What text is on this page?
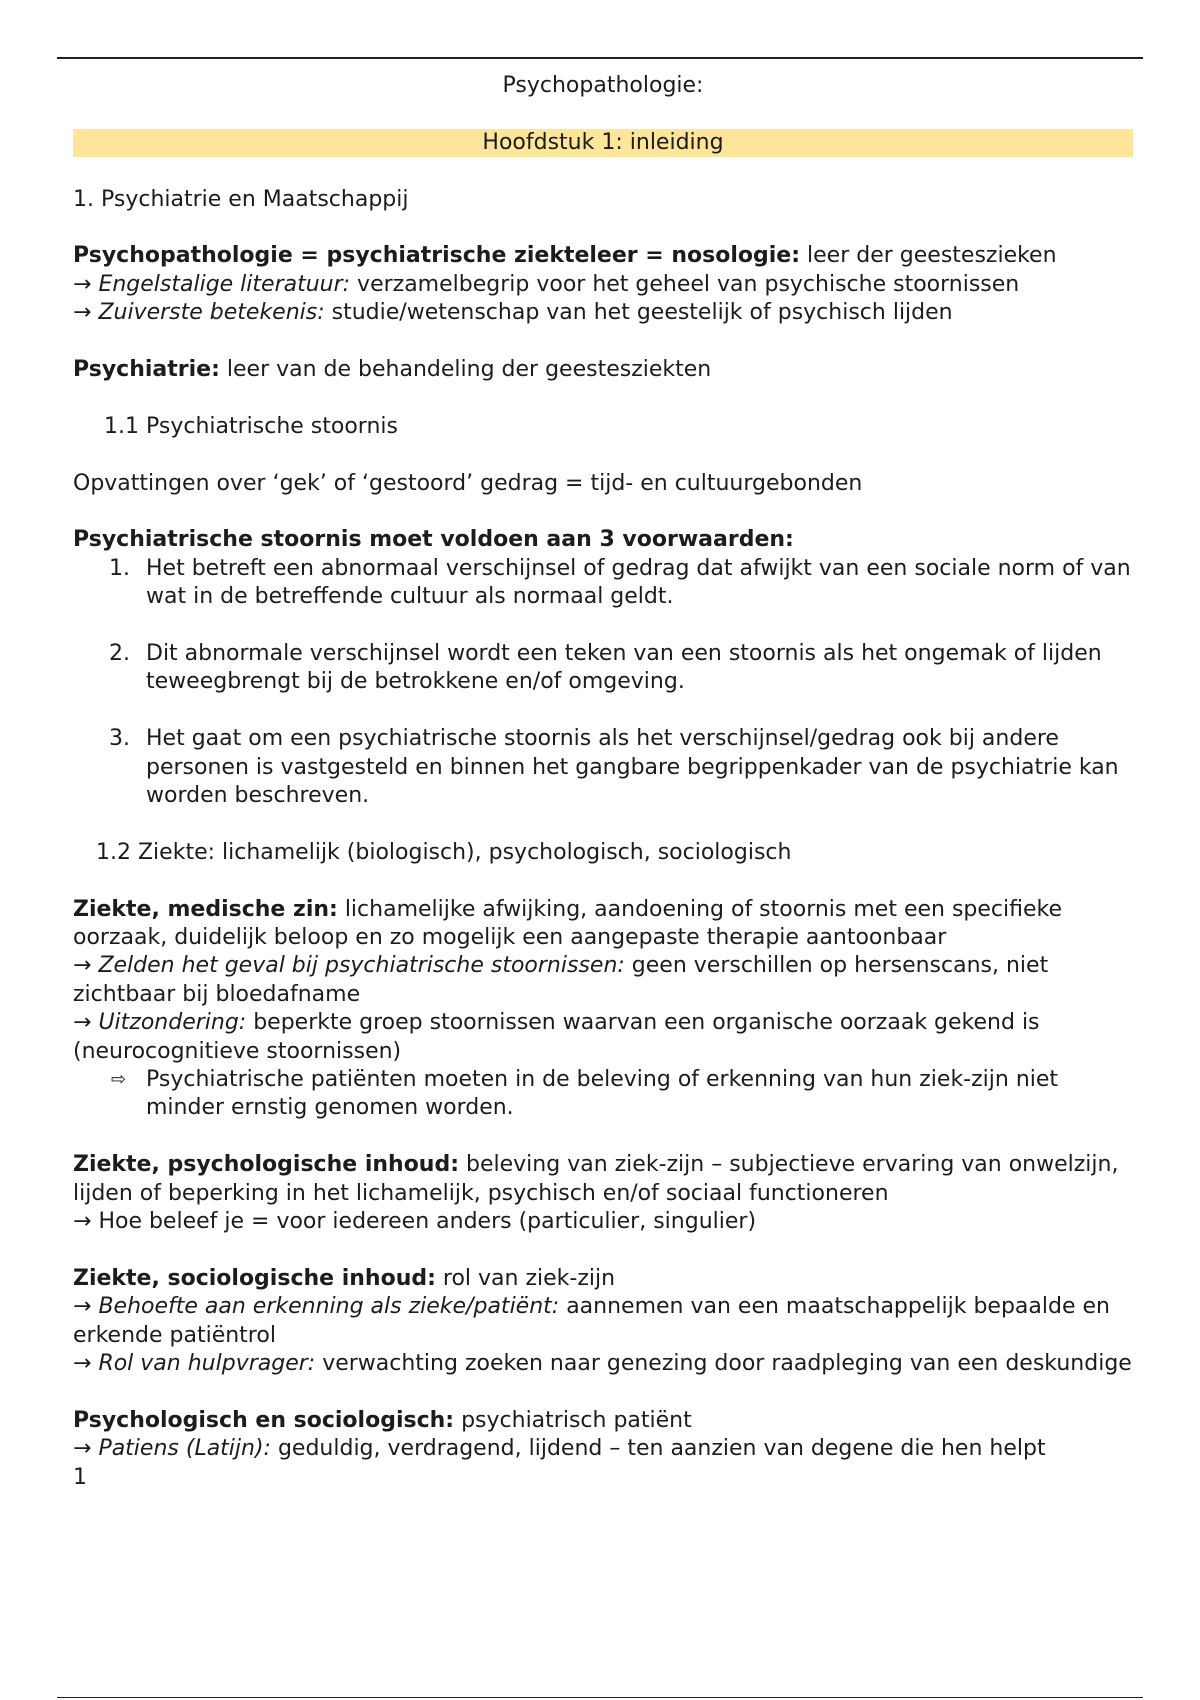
Psychopathologie:

Hoofdstuk 1: inleiding

1. Psychiatrie en Maatschappij

Psychopathologie = psychiatrische ziekteleer = nosologie: leer der geesteszieken

→ Engelstalige literatuur: verzamelbegrip voor het geheel van psychische stoornissen

→ Zuiverste betekenis: studie/wetenschap van het geestelijk of psychisch lijden

Psychiatrie: leer van de behandeling der geestesziekten

1.1 Psychiatrische stoornis

Opvattingen over ‘gek’ of ‘gestoord’ gedrag = tijd- en cultuurgebonden

Psychiatrische stoornis moet voldoen aan 3 voorwaarden:

1. Het betreft een abnormaal verschijnsel of gedrag dat afwijkt van een sociale norm of van wat in de betreffende cultuur als normaal geldt.
2. Dit abnormale verschijnsel wordt een teken van een stoornis als het ongemak of lijden teweegbrengt bij de betrokkene en/of omgeving.
3. Het gaat om een psychiatrische stoornis als het verschijnsel/gedrag ook bij andere personen is vastgesteld en binnen het gangbare begrippenkader van de psychiatrie kan worden beschreven.

1.2 Ziekte: lichamelijk (biologisch), psychologisch, sociologisch

Ziekte, medische zin: lichamelijke afwijking, aandoening of stoornis met een specifieke oorzaak, duidelijk beloop en zo mogelijk een aangepaste therapie aantoonbaar

→ Zelden het geval bij psychiatrische stoornissen: geen verschillen op hersenscans, niet zichtbaar bij bloedafname

→ Uitzondering: beperkte groep stoornissen waarvan een organische oorzaak gekend is (neurocognitieve stoornissen)

⇨ Psychiatrische patiënten moeten in de beleving of erkenning van hun ziek-zijn niet minder ernstig genomen worden.

Ziekte, psychologische inhoud: beleving van ziek-zijn – subjectieve ervaring van onwelzijn, lijden of beperking in het lichamelijk, psychisch en/of sociaal functioneren

→ Hoe beleef je = voor iedereen anders (particulier, singulier)

Ziekte, sociologische inhoud: rol van ziek-zijn

→ Behoefte aan erkenning als zieke/patiënt: aannemen van een maatschappelijk bepaalde en erkende patiëntrol

→ Rol van hulpvrager: verwachting zoeken naar genezing door raadpleging van een deskundige

Psychologisch en sociologisch: psychiatrisch patiënt

→ Patiens (Latijn): geduldig, verdragend, lijdend – ten aanzien van degene die hen helpt

1
